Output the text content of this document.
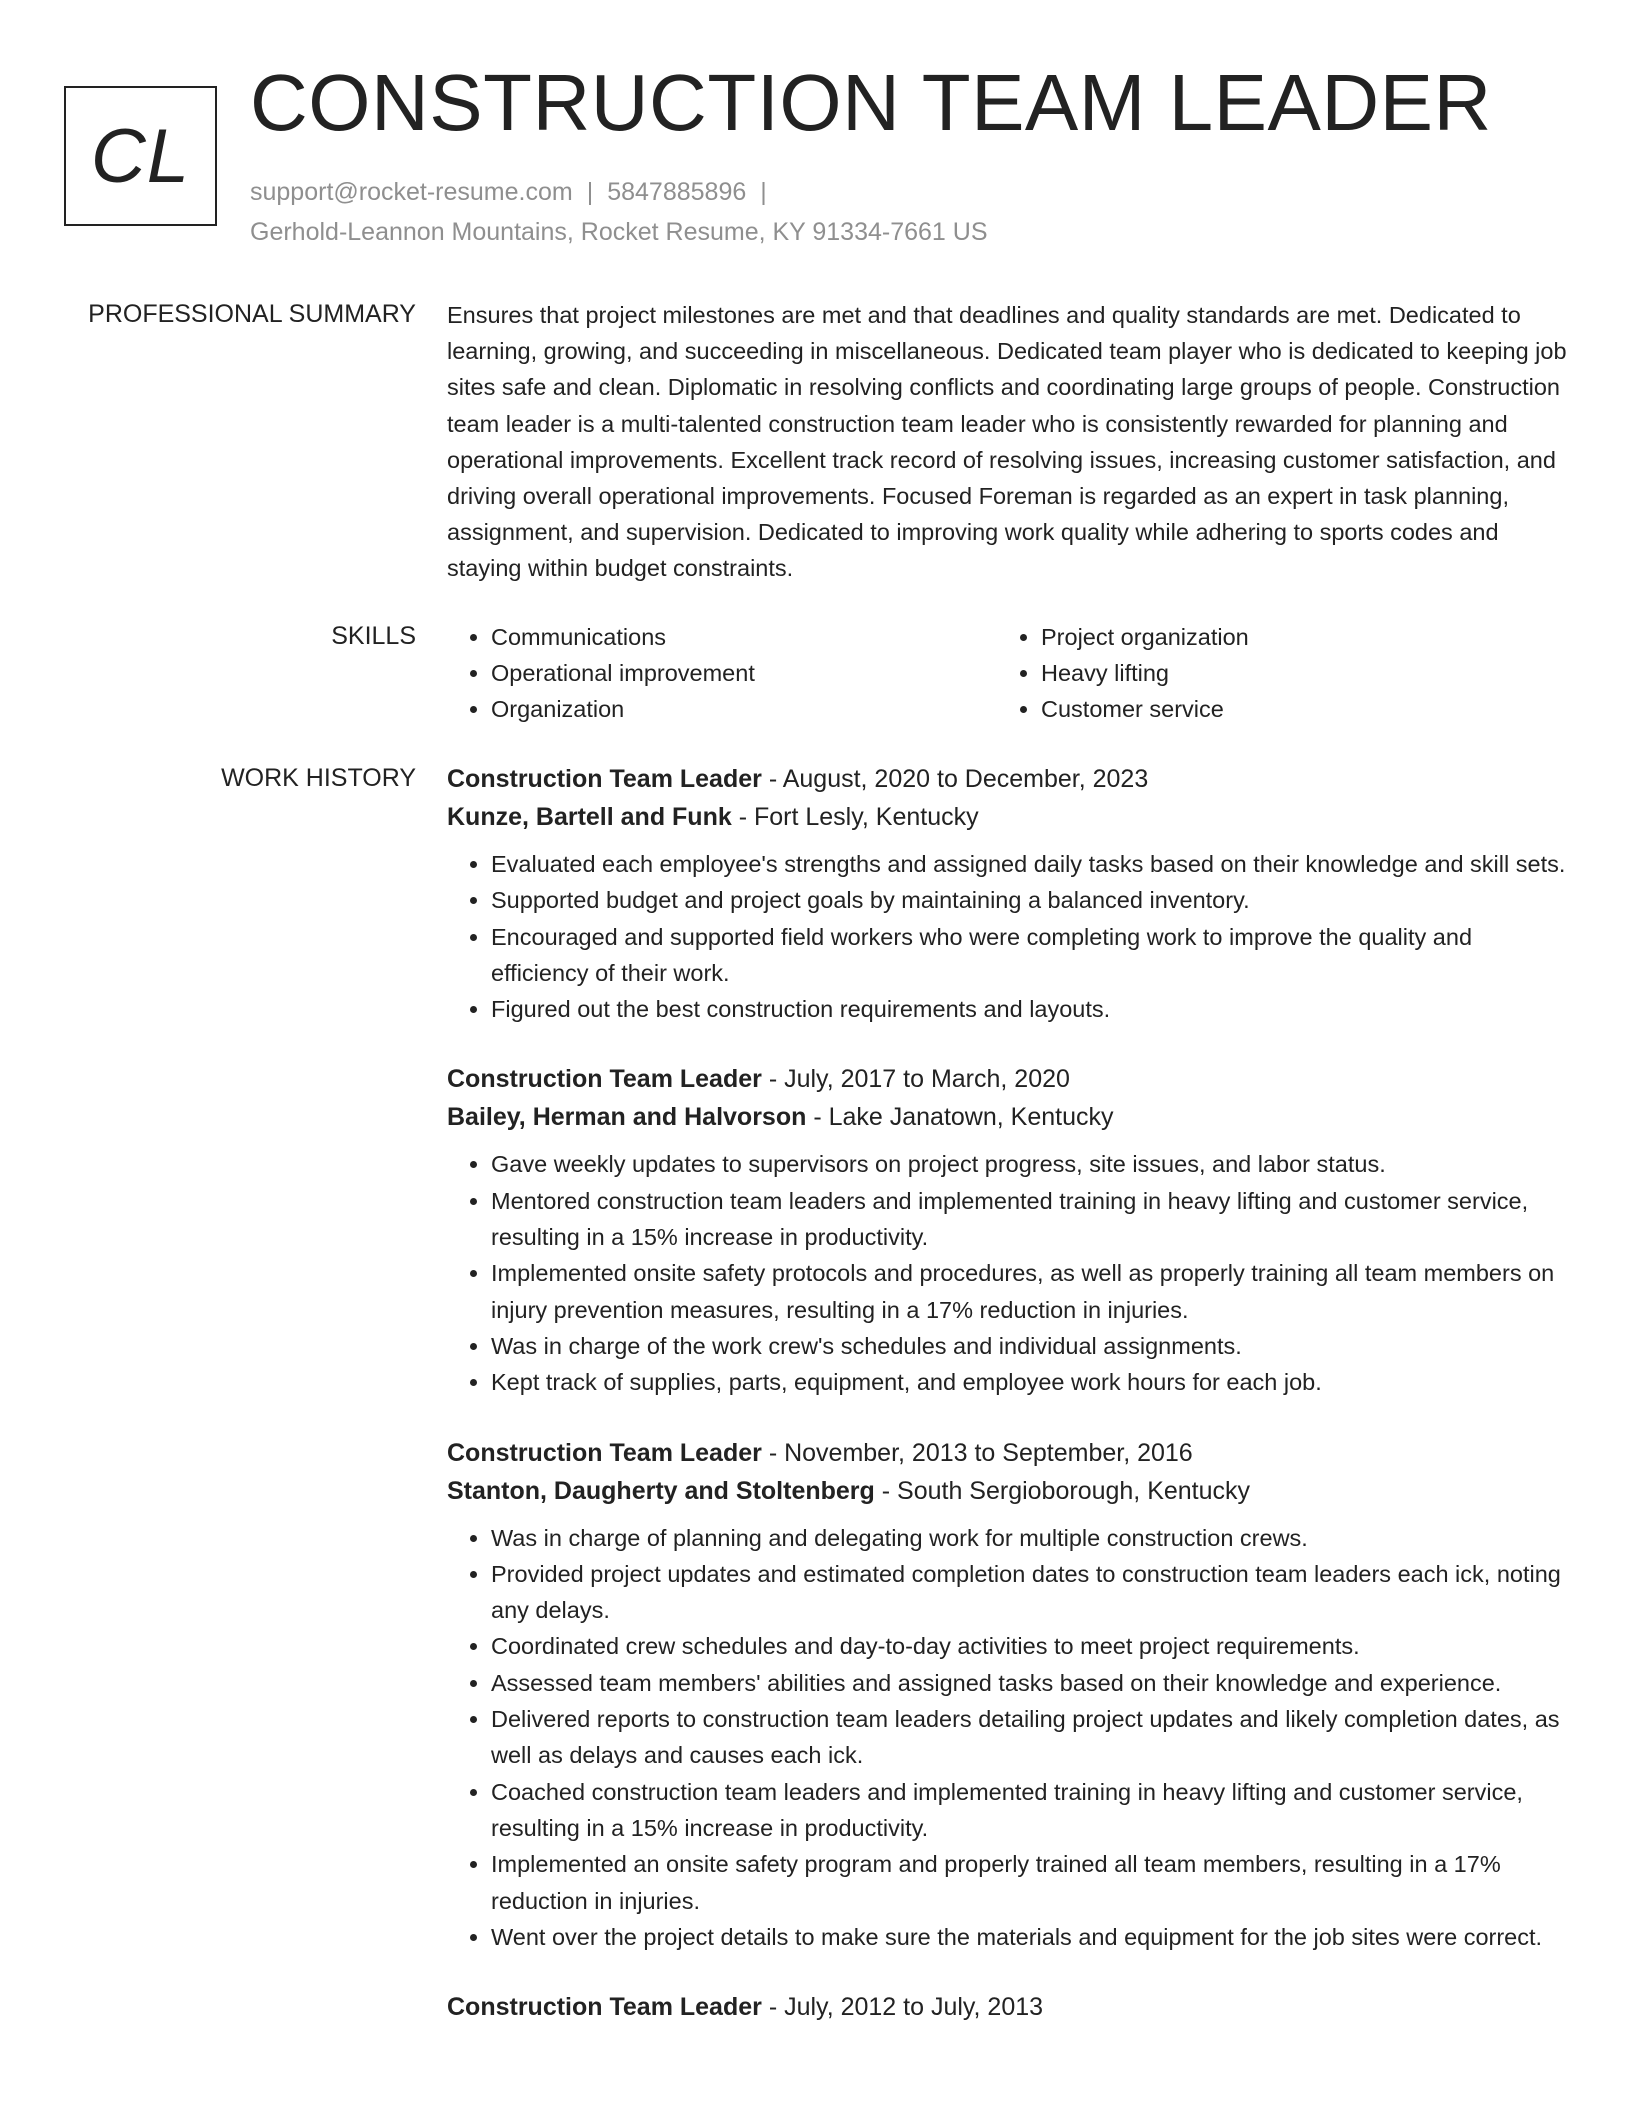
CL
CONSTRUCTION TEAM LEADER
support@rocket-resume.com | 5847885896 |
Gerhold-Leannon Mountains, Rocket Resume, KY 91334-7661 US
PROFESSIONAL SUMMARY Ensures that project milestones are met and that deadlines and quality standards are met. Dedicated to learning, growing, and succeeding in miscellaneous. Dedicated team player who is dedicated to keeping job sites safe and clean. Diplomatic in resolving conflicts and coordinating large groups of people. Construction team leader is a multi-talented construction team leader who is consistently rewarded for planning and operational improvements. Excellent track record of resolving issues, increasing customer satisfaction, and driving overall operational improvements. Focused Foreman is regarded as an expert in task planning, assignment, and supervision. Dedicated to improving work quality while adhering to sports codes and staying within budget constraints.
SKILLS
•	Communications
• Operational improvement
• Organization
• Project organization
• Heavy lifting
• Customer service
WORK HISTORY Construction Team Leader - August, 2020 to December, 2023
Kunze, Bartell and Funk - Fort Lesly, Kentucky
• Evaluated each employee's strengths and assigned daily tasks based on their knowledge and skill sets.
• Supported budget and project goals by maintaining a balanced inventory.
• Encouraged and supported field workers who were completing work to improve the quality and efficiency of their work.
• Figured out the best construction requirements and layouts.
Construction Team Leader - July, 2017 to March, 2020
Bailey, Herman and Halvorson - Lake Janatown, Kentucky
• Gave weekly updates to supervisors on project progress, site issues, and labor status.
• Mentored construction team leaders and implemented training in heavy lifting and customer service, resulting in a 15% increase in productivity.
• Implemented onsite safety protocols and procedures, as well as properly training all team members on injury prevention measures, resulting in a 17% reduction in injuries.
• Was in charge of the work crew's schedules and individual assignments.
• Kept track of supplies, parts, equipment, and employee work hours for each job.
Construction Team Leader - November, 2013 to September, 2016
Stanton, Daugherty and Stoltenberg - South Sergioborough, Kentucky
• Was in charge of planning and delegating work for multiple construction crews.
• Provided project updates and estimated completion dates to construction team leaders each ick, noting any delays.
• Coordinated crew schedules and day-to-day activities to meet project requirements.
• Assessed team members' abilities and assigned tasks based on their knowledge and experience.
• Delivered reports to construction team leaders detailing project updates and likely completion dates, as well as delays and causes each ick.
• Coached construction team leaders and implemented training in heavy lifting and customer service, resulting in a 15% increase in productivity.
• Implemented an onsite safety program and properly trained all team members, resulting in a 17% reduction in injuries.
• Went over the project details to make sure the materials and equipment for the job sites were correct.
Construction Team Leader - July, 2012 to July, 2013
